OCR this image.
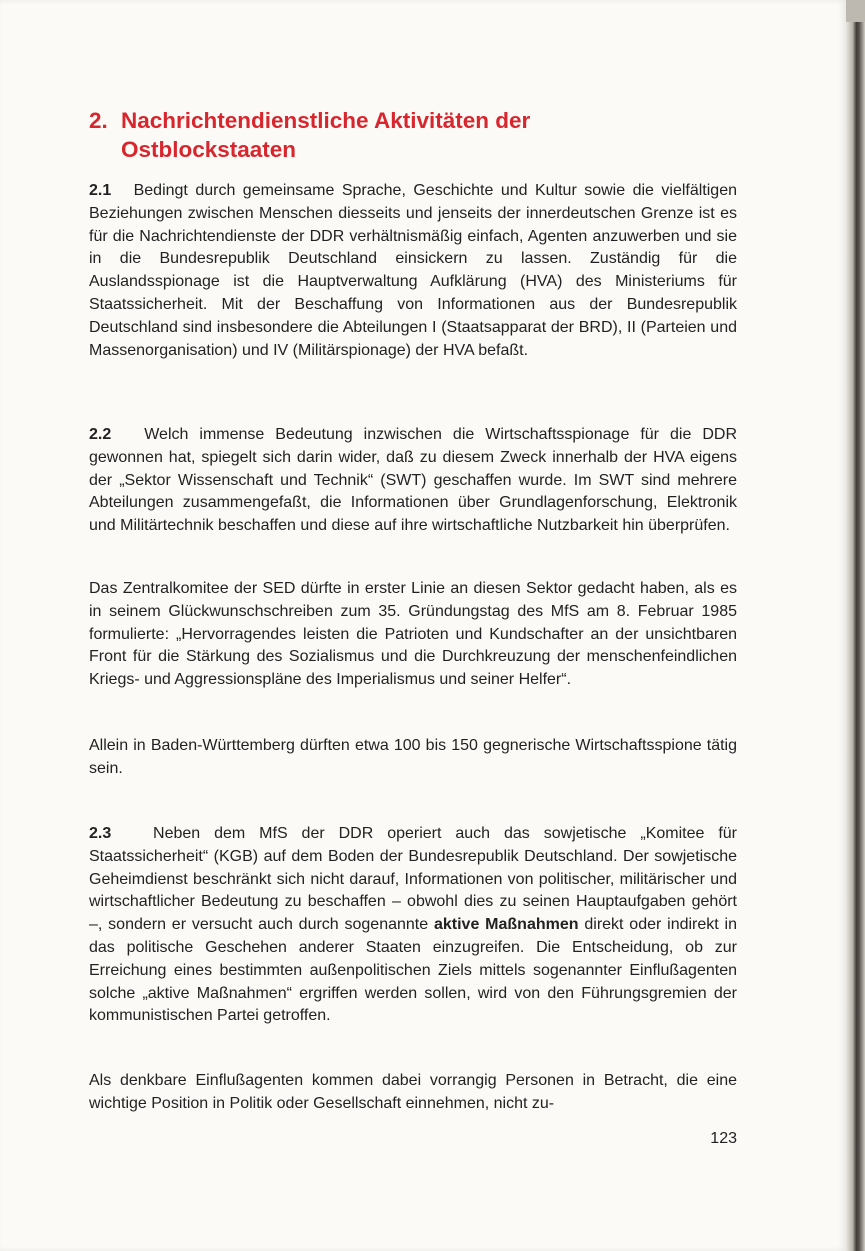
2. Nachrichtendienstliche Aktivitäten der
Ostblockstaaten

2.1 Bedingt durch gemeinsame Sprache, Geschichte und Kultur sowie die vielfältigen Beziehungen zwischen Menschen diesseits und jenseits der innerdeutschen Grenze ist es für die Nachrichtendienste der DDR verhältnismäßig einfach, Agenten anzuwerben und sie in die Bundesrepublik Deutschland einsickern zu lassen. Zuständig für die Auslandsspionage ist die Hauptverwaltung Aufklärung (HVA) des Ministeriums für Staatssicherheit. Mit der Beschaffung von Informationen aus der Bundesrepublik Deutschland sind insbesondere die Abteilungen I (Staatsapparat der BRD), II (Parteien und Massenorganisation) und IV (Militärspionage) der HVA befaßt.

2.2 Welch immense Bedeutung inzwischen die Wirtschaftsspionage für die DDR gewonnen hat, spiegelt sich darin wider, daß zu diesem Zweck innerhalb der HVA eigens der „Sektor Wissenschaft und Technik“ (SWT) geschaffen wurde. Im SWT sind mehrere Abteilungen zusammengefaßt, die Informationen über Grundlagenforschung, Elektronik und Militärtechnik beschaffen und diese auf ihre wirtschaftliche Nutzbarkeit hin überprüfen.

Das Zentralkomitee der SED dürfte in erster Linie an diesen Sektor gedacht haben, als es in seinem Glückwunschschreiben zum 35. Gründungstag des MfS am 8. Februar 1985 formulierte: „Hervorragendes leisten die Patrioten und Kundschafter an der unsichtbaren Front für die Stärkung des Sozialismus und die Durchkreuzung der menschenfeindlichen Kriegs- und Aggressionspläne des Imperialismus und seiner Helfer“.

Allein in Baden-Württemberg dürften etwa 100 bis 150 gegnerische Wirtschaftsspione tätig sein.

2.3	Neben dem MfS der DDR operiert auch das sowjetische „Komitee für Staatssicherheit“ (KGB) auf dem Boden der Bundesrepublik Deutschland. Der sowjetische Geheimdienst beschränkt sich nicht darauf, Informationen von politischer, militärischer und wirtschaftlicher Bedeutung zu beschaffen – obwohl dies zu seinen Hauptaufgaben gehört –, sondern er versucht auch durch sogenannte aktive Maßnahmen direkt oder indirekt in das politische Geschehen anderer Staaten einzugreifen. Die Entscheidung, ob zur Erreichung eines bestimmten außenpolitischen Ziels mittels sogenannter Einflußagenten solche „aktive Maßnahmen“ ergriffen werden sollen, wird von den Führungsgremien der kommunistischen Partei getroffen.

Als denkbare Einflußagenten kommen dabei vorrangig Personen in Betracht, die eine wichtige Position in Politik oder Gesellschaft einnehmen, nicht zu-

123
